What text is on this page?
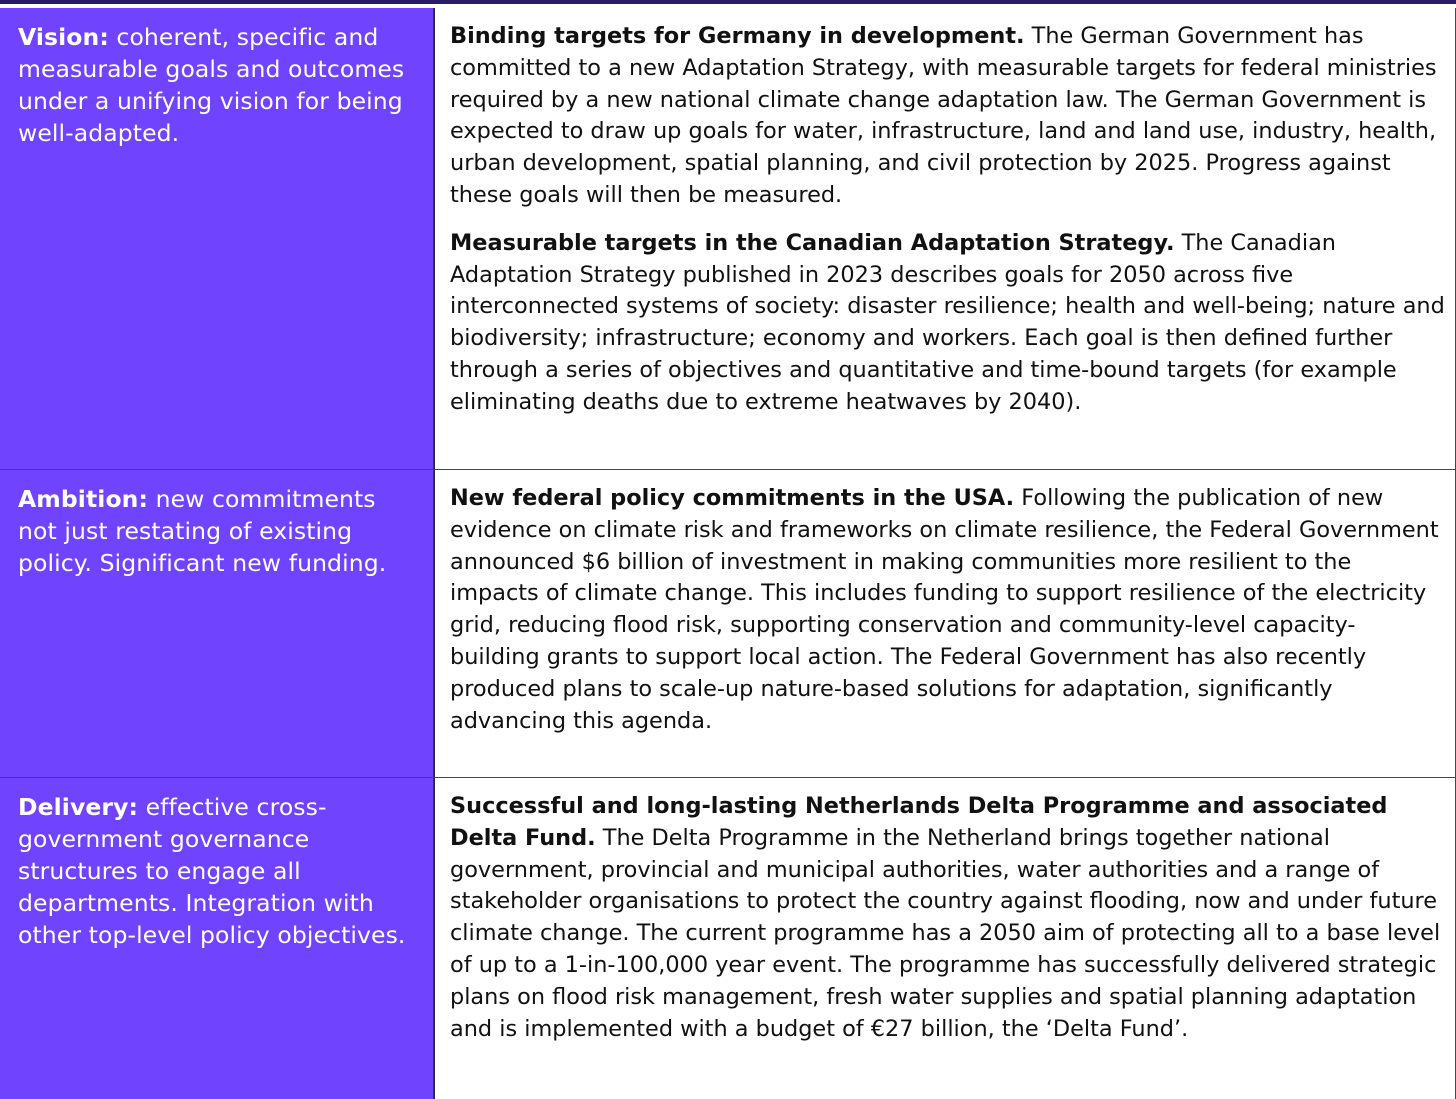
Vision: coherent, specific and measurable goals and outcomes under a unifying vision for being well-adapted.

Binding targets for Germany in development. The German Government has committed to a new Adaptation Strategy, with measurable targets for federal ministries required by a new national climate change adaptation law. The German Government is expected to draw up goals for water, infrastructure, land and land use, industry, health, urban development, spatial planning, and civil protection by 2025. Progress against these goals will then be measured.

Measurable targets in the Canadian Adaptation Strategy. The Canadian Adaptation Strategy published in 2023 describes goals for 2050 across five interconnected systems of society: disaster resilience; health and well-being; nature and biodiversity; infrastructure; economy and workers. Each goal is then defined further through a series of objectives and quantitative and time-bound targets (for example eliminating deaths due to extreme heatwaves by 2040).

Ambition: new commitments not just restating of existing policy. Significant new funding.

New federal policy commitments in the USA. Following the publication of new evidence on climate risk and frameworks on climate resilience, the Federal Government announced $6 billion of investment in making communities more resilient to the impacts of climate change. This includes funding to support resilience of the electricity grid, reducing flood risk, supporting conservation and community-level capacity-building grants to support local action. The Federal Government has also recently produced plans to scale-up nature-based solutions for adaptation, significantly advancing this agenda.

Delivery: effective cross-government governance structures to engage all departments. Integration with other top-level policy objectives.

Successful and long-lasting Netherlands Delta Programme and associated Delta Fund. The Delta Programme in the Netherland brings together national government, provincial and municipal authorities, water authorities and a range of stakeholder organisations to protect the country against flooding, now and under future climate change. The current programme has a 2050 aim of protecting all to a base level of up to a 1-in-100,000 year event. The programme has successfully delivered strategic plans on flood risk management, fresh water supplies and spatial planning adaptation and is implemented with a budget of €27 billion, the ‘Delta Fund’.
